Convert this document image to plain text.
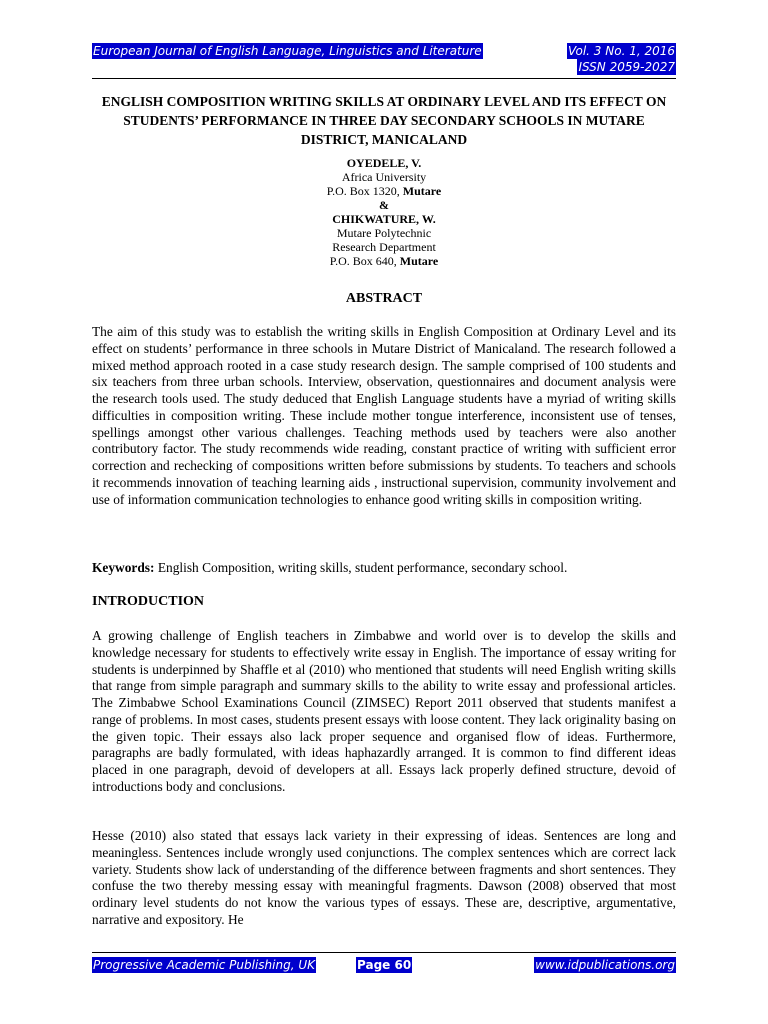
European Journal of English Language, Linguistics and Literature	Vol. 3 No. 1, 2016
ISSN 2059-2027
ENGLISH COMPOSITION WRITING SKILLS AT ORDINARY LEVEL AND ITS EFFECT ON STUDENTS’ PERFORMANCE IN THREE DAY SECONDARY SCHOOLS IN MUTARE DISTRICT, MANICALAND
OYEDELE, V.
Africa University
P.O. Box 1320, Mutare
&
CHIKWATURE, W.
Mutare Polytechnic
Research Department
P.O. Box 640, Mutare
ABSTRACT

The aim of this study was to establish the writing skills in English Composition at Ordinary Level and its effect on students’ performance in three schools in Mutare District of Manicaland. The research followed a mixed method approach rooted in a case study research design. The sample comprised of 100 students and six teachers from three urban schools. Interview, observation, questionnaires and document analysis were the research tools used. The study deduced that English Language students have a myriad of writing skills difficulties in composition writing. These include mother tongue interference, inconsistent use of tenses, spellings amongst other various challenges. Teaching methods used by teachers were also another contributory factor. The study recommends wide reading, constant practice of writing with sufficient error correction and rechecking of compositions written before submissions by students. To teachers and schools it recommends innovation of teaching learning aids , instructional supervision, community involvement and use of information communication technologies to enhance good writing skills in composition writing.

Keywords: English Composition, writing skills, student performance, secondary school.

INTRODUCTION

A growing challenge of English teachers in Zimbabwe and world over is to develop the skills and knowledge necessary for students to effectively write essay in English. The importance of essay writing for students is underpinned by Shaffle et al (2010) who mentioned that students will need English writing skills that range from simple paragraph and summary skills to the ability to write essay and professional articles. The Zimbabwe School Examinations Council (ZIMSEC) Report 2011 observed that students manifest a range of problems. In most cases, students present essays with loose content. They lack originality basing on the given topic. Their essays also lack proper sequence and organised flow of ideas. Furthermore, paragraphs are badly formulated, with ideas haphazardly arranged. It is common to find different ideas placed in one paragraph, devoid of developers at all. Essays lack properly defined structure, devoid of introductions body and conclusions.

Hesse (2010) also stated that essays lack variety in their expressing of ideas. Sentences are long and meaningless. Sentences include wrongly used conjunctions. The complex sentences which are correct lack variety. Students show lack of understanding of the difference between fragments and short sentences. They confuse the two thereby messing essay with meaningful fragments. Dawson (2008) observed that most ordinary level students do not know the various types of essays. These are, descriptive, argumentative, narrative and expository. He

Progressive Academic Publishing, UK	Page 60	www.idpublications.org
